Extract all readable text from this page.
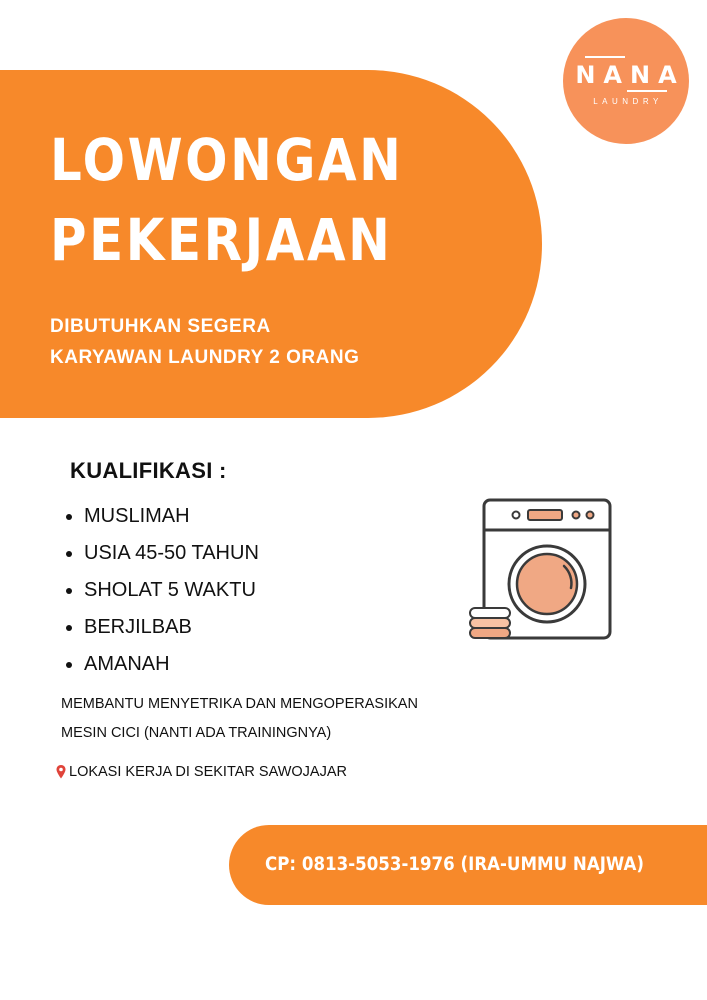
NANA
LAUNDRY
LOWONGAN
PEKERJAAN
DIBUTUHKAN SEGERA
KARYAWAN LAUNDRY 2 ORANG
KUALIFIKASI :
MUSLIMAH
USIA 45-50 TAHUN
SHOLAT 5 WAKTU
BERJILBAB
AMANAH
MEMBANTU MENYETRIKA DAN MENGOPERASIKAN
MESIN CICI (NANTI ADA TRAININGNYA)
LOKASI KERJA DI SEKITAR SAWOJAJAR
CP: 0813-5053-1976 (IRA-UMMU NAJWA)
